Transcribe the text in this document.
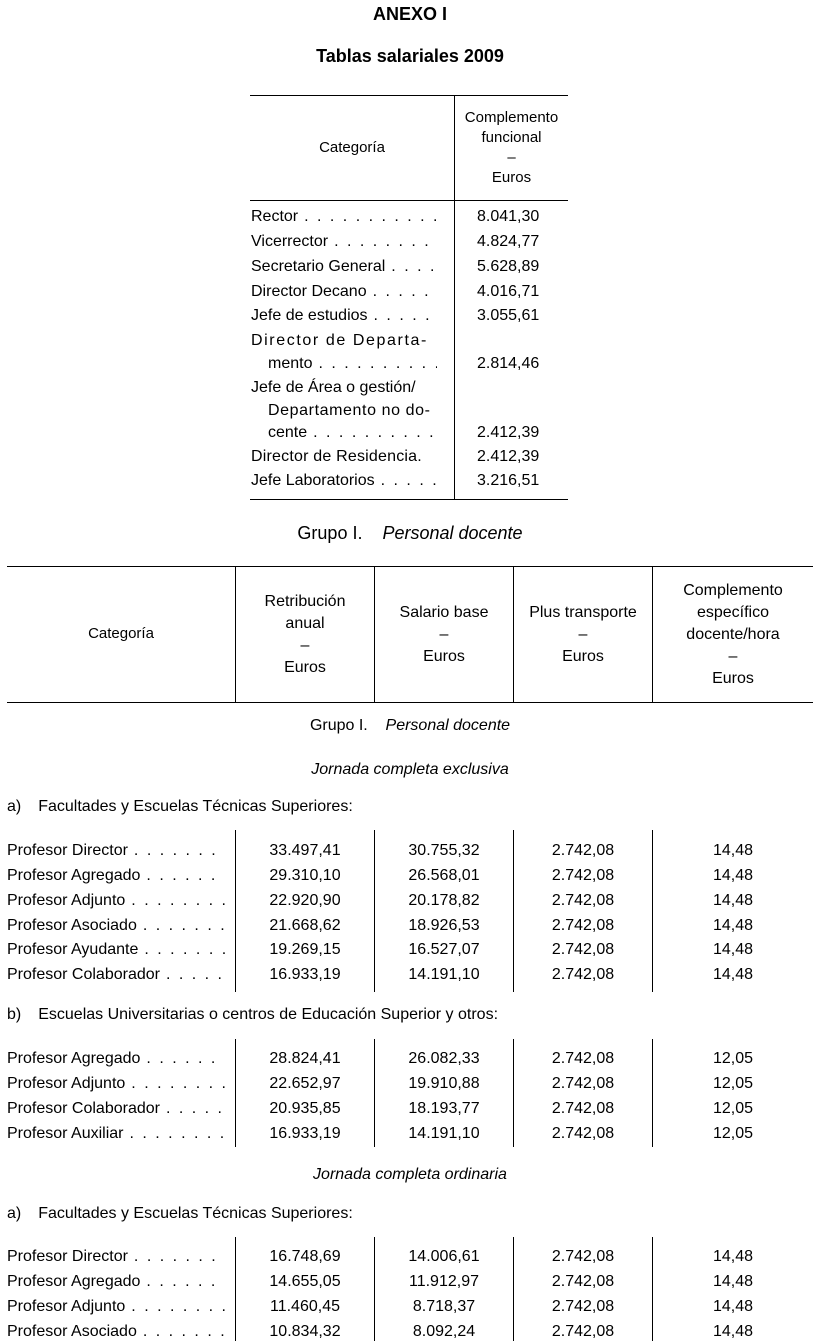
ANEXO I
Tablas salariales 2009
Categoría
Complemento
funcional
–
Euros
Rector . . .	8.041,30
Vicerrector . . .	4.824,77
Secretario General . . .	5.628,89
Director Decano . . .	4.016,71
Jefe de estudios . . .	3.055,61
Director de Departa-
mento . . .	2.814,46
Jefe de Área o gestión/
Departamento no do-
cente . . .	2.412,39
Director de Residencia.	2.412,39
Jefe Laboratorios . . .	3.216,51
Grupo I. Personal docente
Categoría
Retribución
anual
–
Euros
Salario base
–
Euros
Plus transporte
–
Euros
Complemento
específico
docente/hora
–
Euros
Grupo I. Personal docente
Jornada completa exclusiva
a) Facultades y Escuelas Técnicas Superiores:
Profesor Director . . .	33.497,41	30.755,32	2.742,08	14,48
Profesor Agregado . . .	29.310,10	26.568,01	2.742,08	14,48
Profesor Adjunto . . .	22.920,90	20.178,82	2.742,08	14,48
Profesor Asociado . . .	21.668,62	18.926,53	2.742,08	14,48
Profesor Ayudante . . .	19.269,15	16.527,07	2.742,08	14,48
Profesor Colaborador . . .	16.933,19	14.191,10	2.742,08	14,48
b) Escuelas Universitarias o centros de Educación Superior y otros:
Profesor Agregado . . .	28.824,41	26.082,33	2.742,08	12,05
Profesor Adjunto . . .	22.652,97	19.910,88	2.742,08	12,05
Profesor Colaborador . . .	20.935,85	18.193,77	2.742,08	12,05
Profesor Auxiliar . . .	16.933,19	14.191,10	2.742,08	12,05
Jornada completa ordinaria
a) Facultades y Escuelas Técnicas Superiores:
Profesor Director . . .	16.748,69	14.006,61	2.742,08	14,48
Profesor Agregado . . .	14.655,05	11.912,97	2.742,08	14,48
Profesor Adjunto . . .	11.460,45	8.718,37	2.742,08	14,48
Profesor Asociado . . .	10.834,32	8.092,24	2.742,08	14,48
